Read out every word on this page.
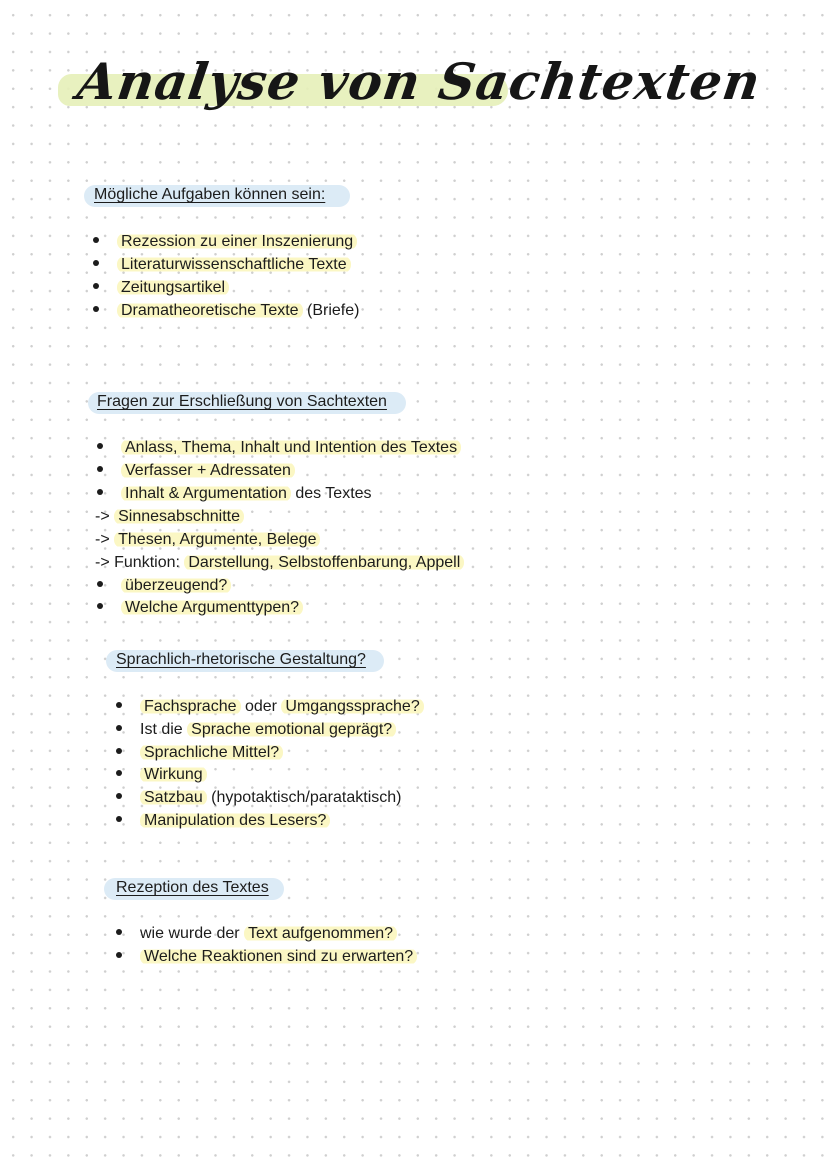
Analyse von Sachtexten
Mögliche Aufgaben können sein:
Rezession zu einer Inszenierung
Literaturwissenschaftliche Texte
Zeitungsartikel
Dramatheoretische Texte (Briefe)
Fragen zur Erschließung von Sachtexten
Anlass, Thema, Inhalt und Intention des Textes
Verfasser + Adressaten
Inhalt & Argumentation des Textes
-> Sinnesabschnitte
-> Thesen, Argumente, Belege
-> Funktion: Darstellung, Selbstoffenbarung, Appell
überzeugend?
Welche Argumenttypen?
Sprachlich-rhetorische Gestaltung?
Fachsprache oder Umgangssprache?
Ist die Sprache emotional geprägt?
Sprachliche Mittel?
Wirkung
Satzbau (hypotaktisch/parataktisch)
Manipulation des Lesers?
Rezeption des Textes
wie wurde der Text aufgenommen?
Welche Reaktionen sind zu erwarten?
